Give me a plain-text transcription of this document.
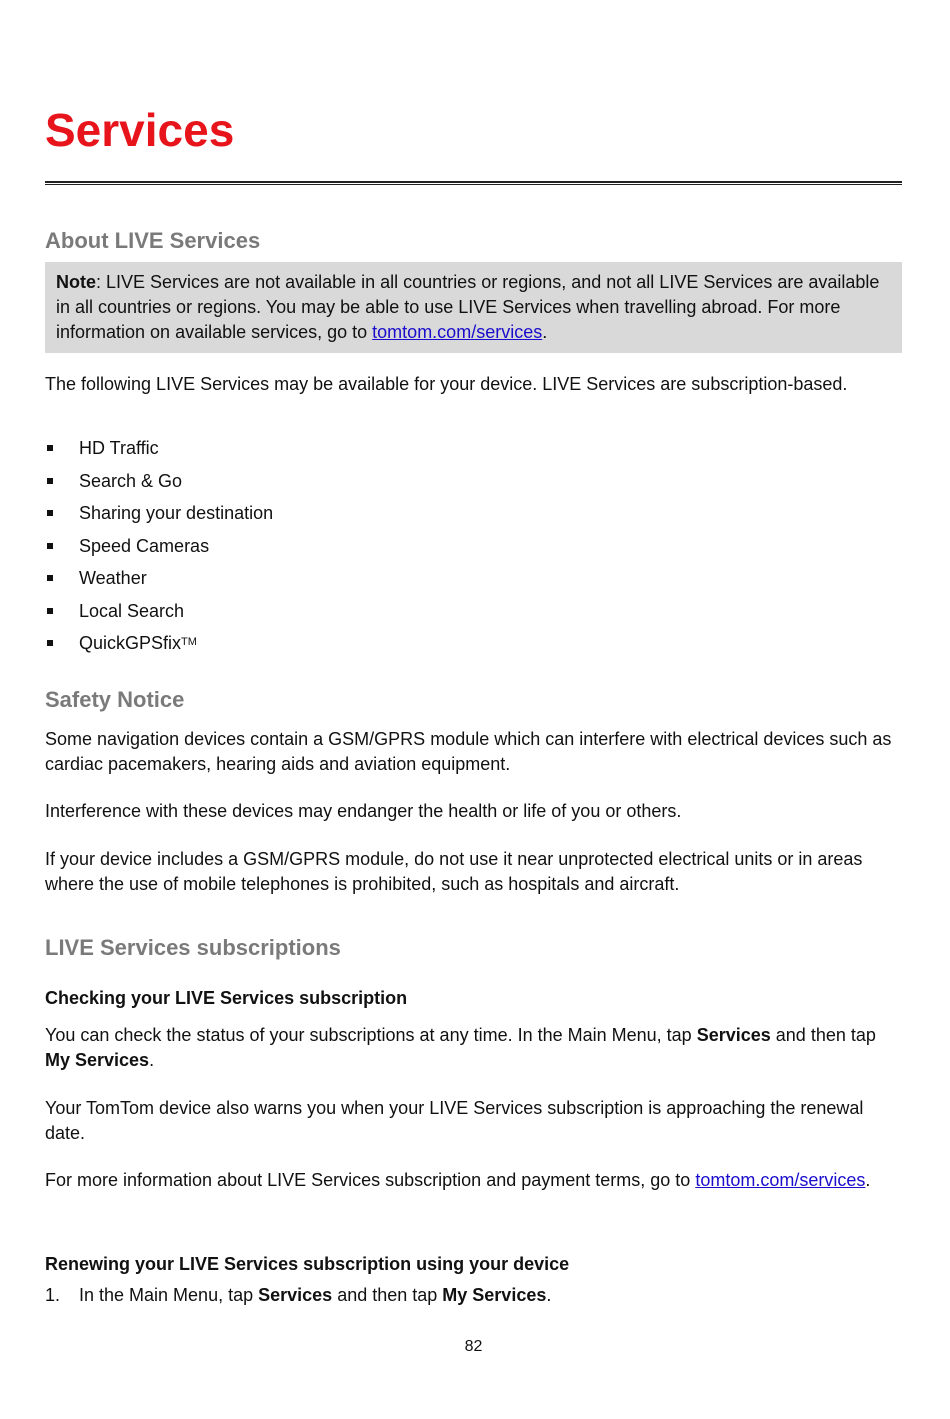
Services
About LIVE Services
Note: LIVE Services are not available in all countries or regions, and not all LIVE Services are available in all countries or regions. You may be able to use LIVE Services when travelling abroad. For more information on available services, go to tomtom.com/services.

The following LIVE Services may be available for your device. LIVE Services are subscription-based.

HD Traffic
Search & Go
Sharing your destination
Speed Cameras
Weather
Local Search
QuickGPSfix™
Safety Notice

Some navigation devices contain a GSM/GPRS module which can interfere with electrical devices such as cardiac pacemakers, hearing aids and aviation equipment.

Interference with these devices may endanger the health or life of you or others.

If your device includes a GSM/GPRS module, do not use it near unprotected electrical units or in areas where the use of mobile telephones is prohibited, such as hospitals and aircraft.

LIVE Services subscriptions
Checking your LIVE Services subscription

You can check the status of your subscriptions at any time. In the Main Menu, tap Services and then tap My Services.

Your TomTom device also warns you when your LIVE Services subscription is approaching the renewal date.

For more information about LIVE Services subscription and payment terms, go to tomtom.com/services.

Renewing your LIVE Services subscription using your device
1. In the Main Menu, tap Services and then tap My Services.
82
